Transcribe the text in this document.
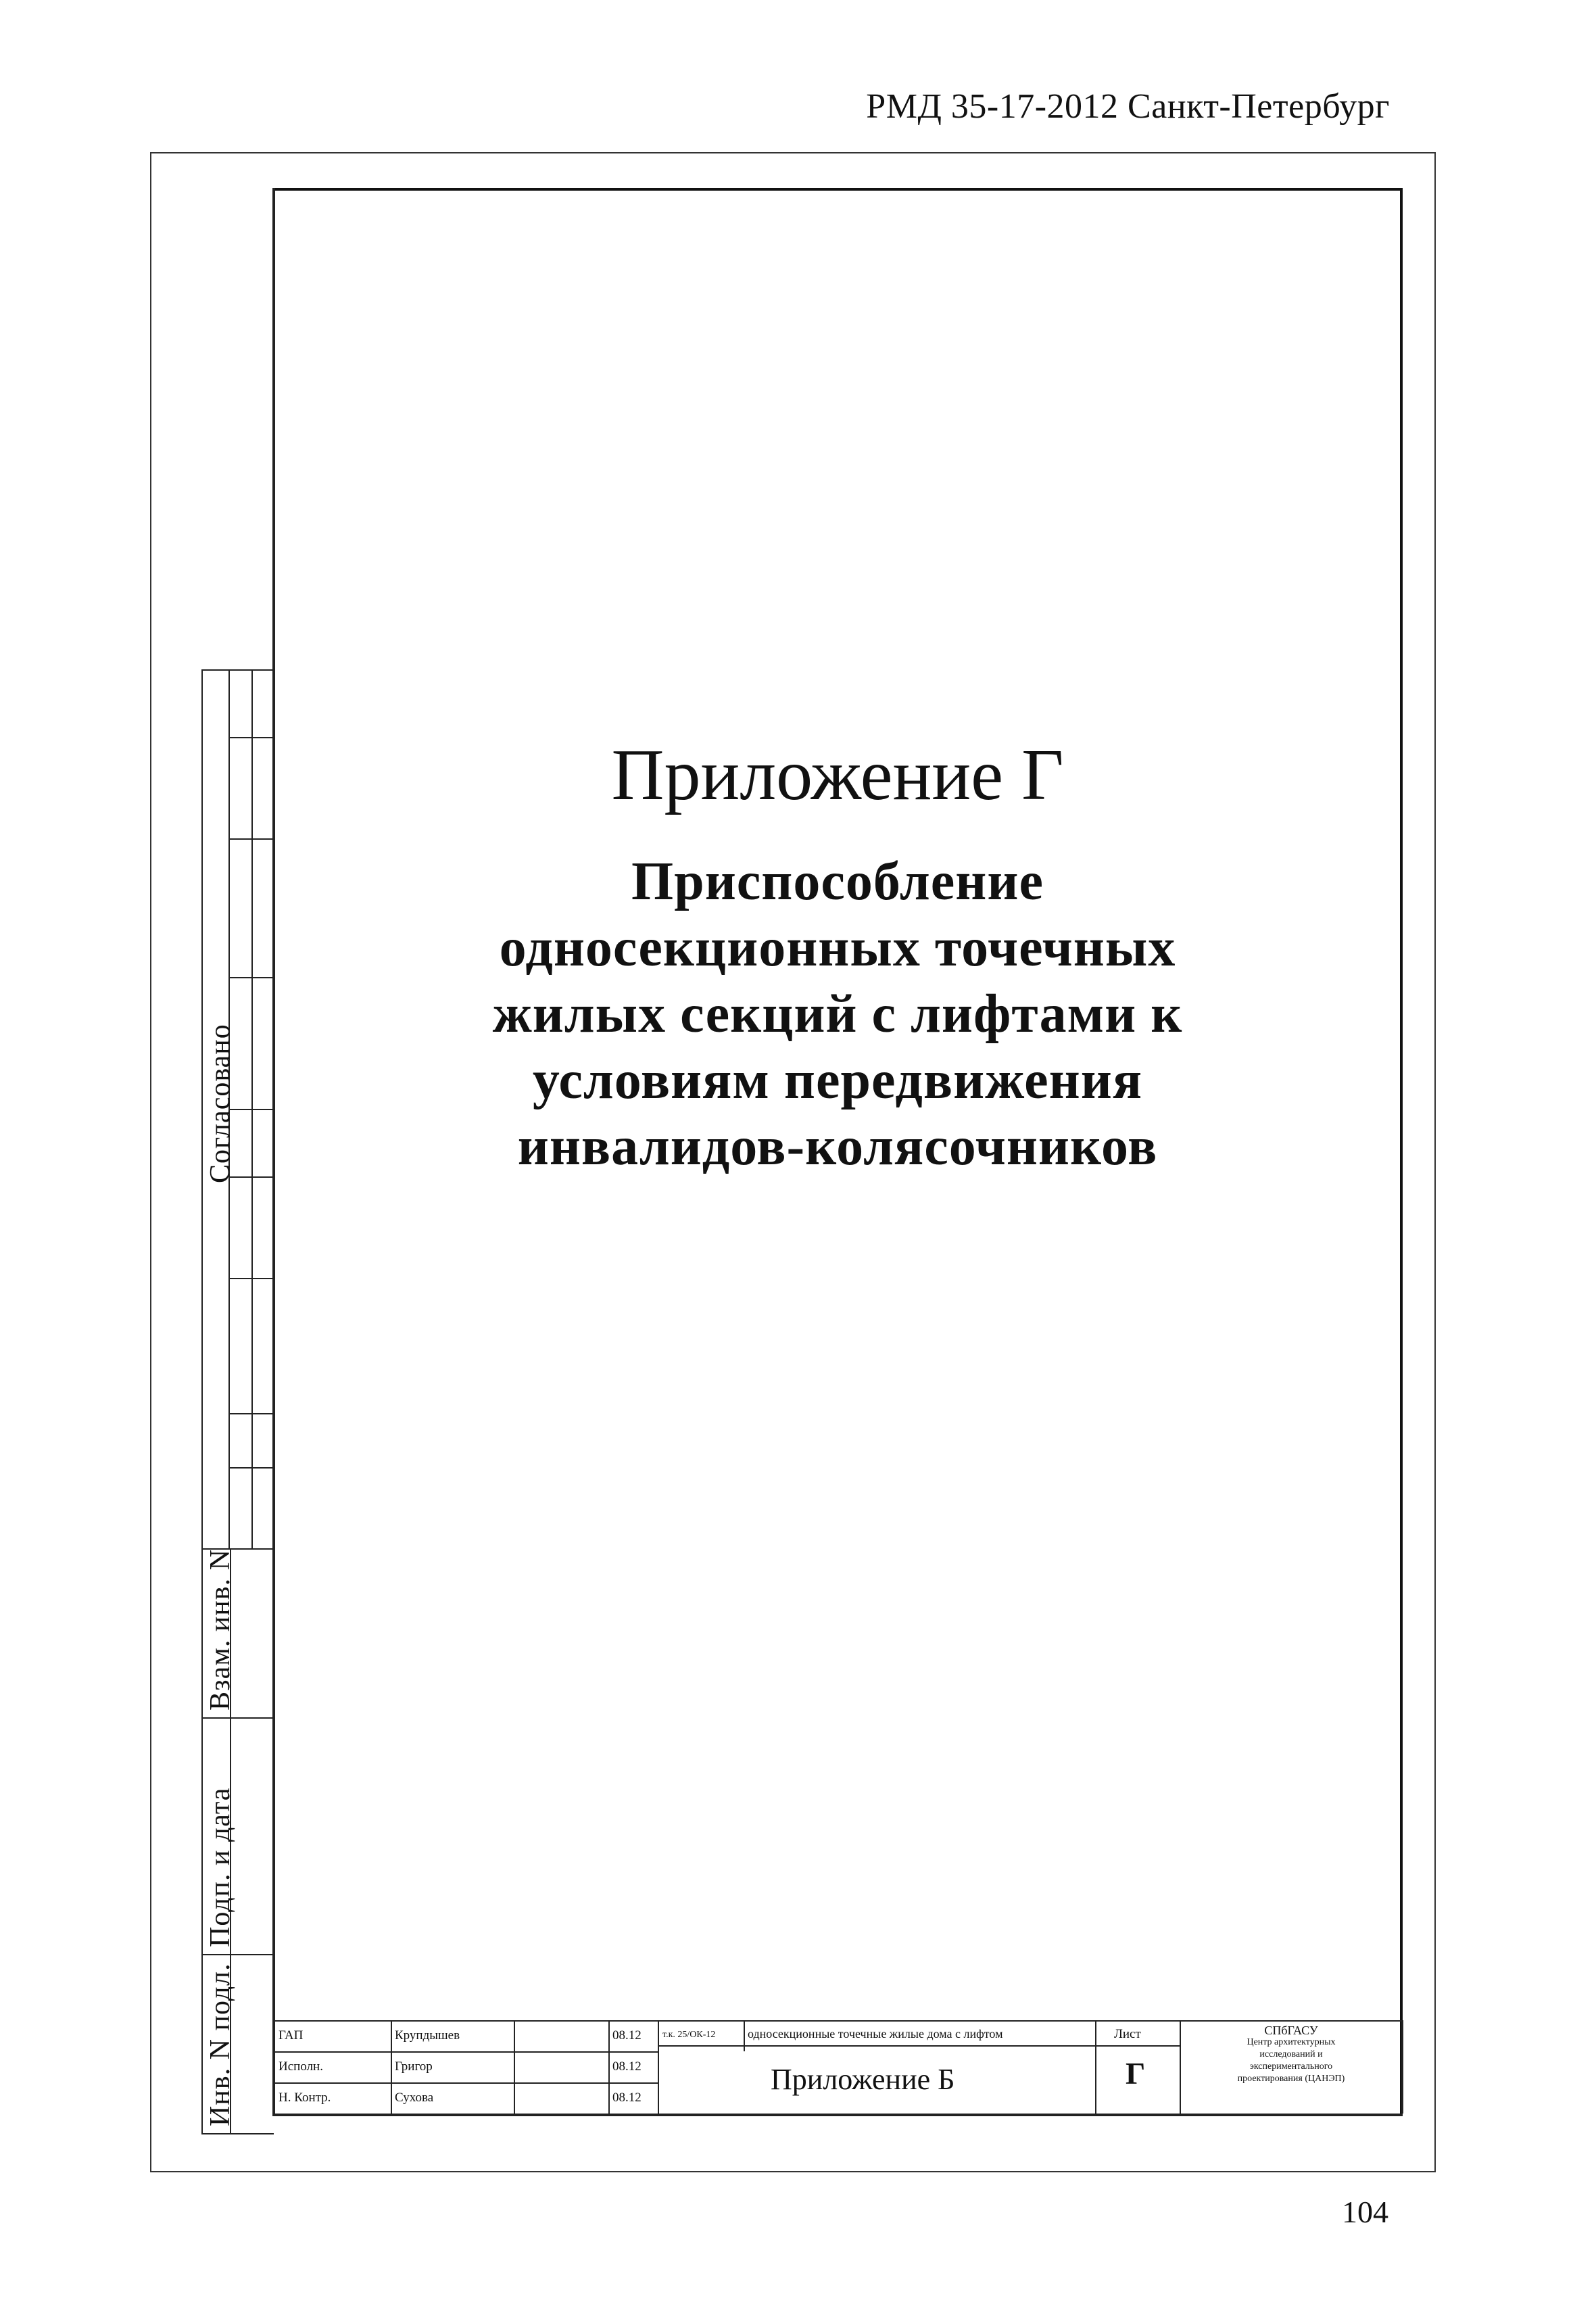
РМД 35-17-2012 Санкт-Петербург
Согласовано
Взам. инв. N
Подп. и дата
Инв. N подл.
Приложение Г
Приспособление
односекционных точечных
жилых секций с лифтами к
условиям передвижения
инвалидов-колясочников
ГАП	Крупдышев	08.12
Исполн.	Григор	08.12
Н. Контр.	Сухова	08.12
т.к. 25/ОК-12	односекционные точечные жилые дома с лифтом	Лист
Г
Приложение Б
СПбГАСУ
Центр архитектурных
исследований и
экспериментального
проектирования (ЦАНЭП)
104
